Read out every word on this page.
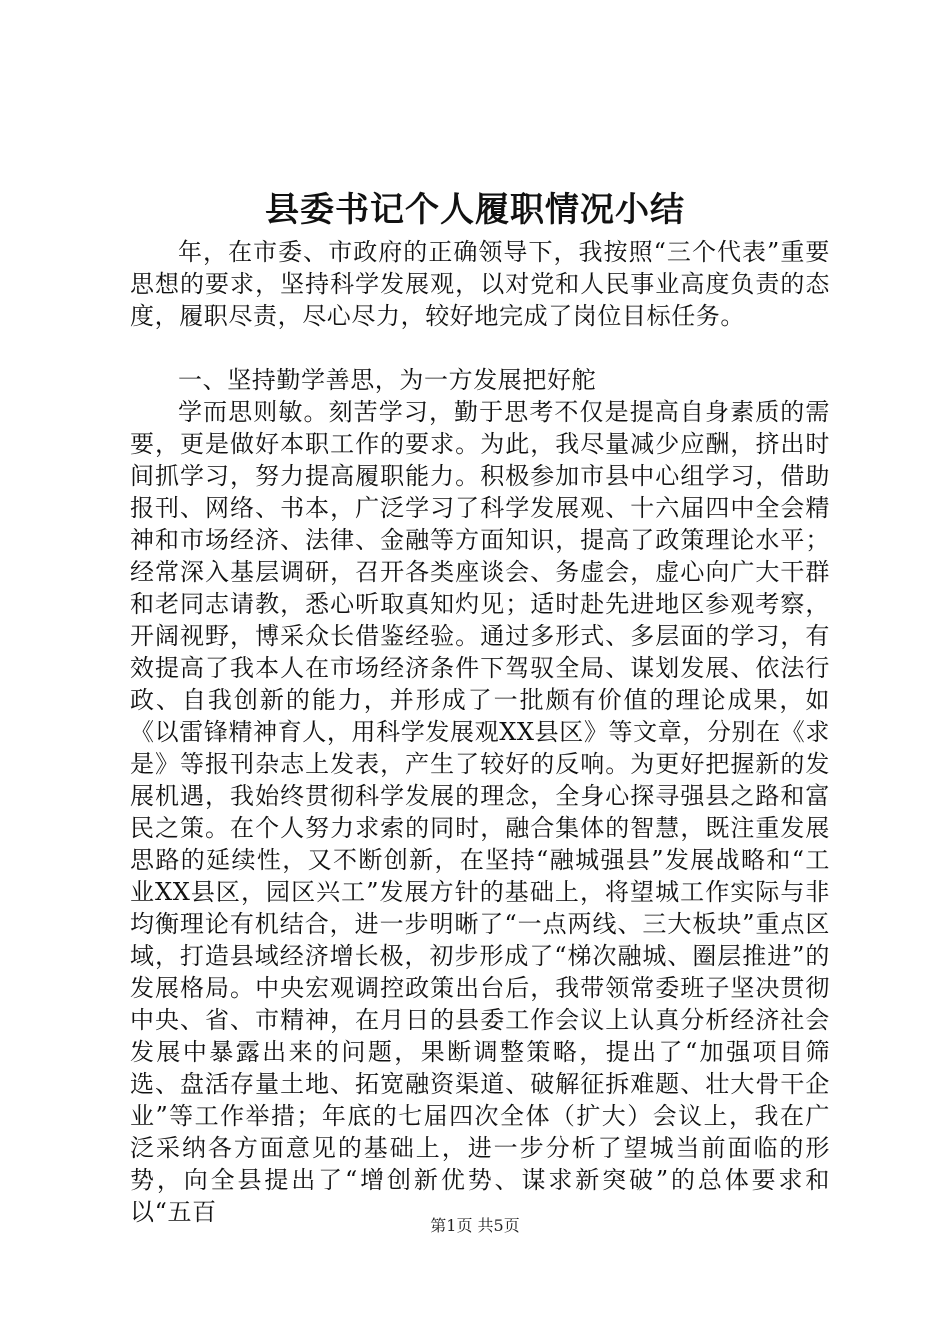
县委书记个人履职情况小结

年，在市委、市政府的正确领导下，我按照“三个代表”重要思想的要求，坚持科学发展观，以对党和人民事业高度负责的态度，履职尽责，尽心尽力，较好地完成了岗位目标任务。

一、坚持勤学善思，为一方发展把好舵

学而思则敏。刻苦学习，勤于思考不仅是提高自身素质的需要，更是做好本职工作的要求。为此，我尽量减少应酬，挤出时间抓学习，努力提高履职能力。积极参加市县中心组学习，借助报刊、网络、书本，广泛学习了科学发展观、十六届四中全会精神和市场经济、法律、金融等方面知识，提高了政策理论水平；经常深入基层调研，召开各类座谈会、务虚会，虚心向广大干群和老同志请教，悉心听取真知灼见；适时赴先进地区参观考察，开阔视野，博采众长借鉴经验。通过多形式、多层面的学习，有效提高了我本人在市场经济条件下驾驭全局、谋划发展、依法行政、自我创新的能力，并形成了一批颇有价值的理论成果，如《以雷锋精神育人，用科学发展观XX县区》等文章，分别在《求是》等报刊杂志上发表，产生了较好的反响。为更好把握新的发展机遇，我始终贯彻科学发展的理念，全身心探寻强县之路和富民之策。在个人努力求索的同时，融合集体的智慧，既注重发展思路的延续性，又不断创新，在坚持“融城强县”发展战略和“工业XX县区，园区兴工”发展方针的基础上，将望城工作实际与非均衡理论有机结合，进一步明晰了“一点两线、三大板块”重点区域，打造县域经济增长极，初步形成了“梯次融城、圈层推进”的发展格局。中央宏观调控政策出台后，我带领常委班子坚决贯彻中央、省、市精神，在月日的县委工作会议上认真分析经济社会发展中暴露出来的问题，果断调整策略，提出了“加强项目筛选、盘活存量土地、拓宽融资渠道、破解征拆难题、壮大骨干企业”等工作举措；年底的七届四次全体（扩大）会议上，我在广泛采纳各方面意见的基础上，进一步分析了望城当前面临的形势，向全县提出了“增创新优势、谋求新突破”的总体要求和以“五百	第1页 共5页
